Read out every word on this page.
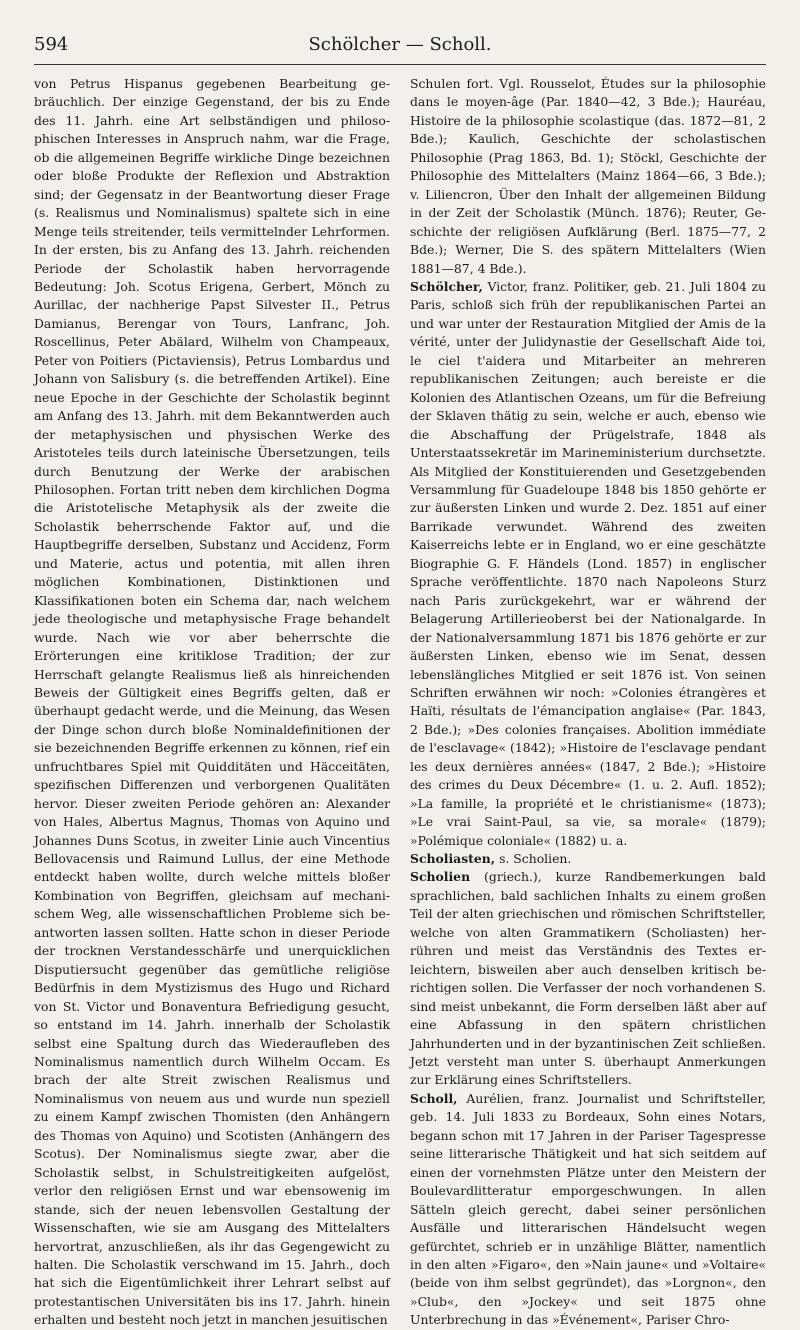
594	Schölcher — Scholl.

von Petrus Hispanus gegebenen Bearbeitung gebräuchlich. Der einzige Gegenstand, der bis zu Ende des 11. Jahrh. eine Art selbständigen und philosophischen Interesses in Anspruch nahm, war die Frage, ob die allgemeinen Begriffe wirkliche Dinge bezeichnen oder bloße Produkte der Reflexion und Abstraktion sind; der Gegensatz in der Beantwortung dieser Frage (s. Realismus und Nominalismus) spaltete sich in eine Menge teils streitender, teils vermittelnder Lehrformen. In der ersten, bis zu Anfang des 13. Jahrh. reichenden Periode der Scholastik haben hervorragende Bedeutung: Joh. Scotus Erigena, Gerbert, Mönch zu Aurillac, der nachherige Papst Silvester II., Petrus Damianus, Berengar von Tours, Lanfranc, Joh. Roscellinus, Peter Abälard, Wilhelm von Champeaux, Peter von Poitiers (Pictaviensis), Petrus Lombardus und Johann von Salisbury (s. die betreffenden Artikel). Eine neue Epoche in der Geschichte der Scholastik beginnt am Anfang des 13. Jahrh. mit dem Bekanntwerden auch der metaphysischen und physischen Werke des Aristoteles teils durch lateinische Übersetzungen, teils durch Benutzung der Werke der arabischen Philosophen. Fortan tritt neben dem kirchlichen Dogma die Aristotelische Metaphysik als der zweite die Scholastik beherrschende Faktor auf, und die Hauptbegriffe derselben, Substanz und Accidenz, Form und Materie, actus und potentia, mit allen ihren möglichen Kombinationen, Distinktionen und Klassifikationen boten ein Schema dar, nach welchem jede theologische und metaphysische Frage behandelt wurde. Nach wie vor aber beherrschte die Erörterungen eine kritiklose Tradition; der zur Herrschaft gelangte Realismus ließ als hinreichenden Beweis der Gültigkeit eines Begriffs gelten, daß er überhaupt gedacht werde, und die Meinung, das Wesen der Dinge schon durch bloße Nominaldefinitionen der sie bezeichnenden Begriffe erkennen zu können, rief ein unfruchtbares Spiel mit Quidditäten und Häcceitäten, spezifischen Differenzen und verborgenen Qualitäten hervor. Dieser zweiten Periode gehören an: Alexander von Hales, Albertus Magnus, Thomas von Aquino und Johannes Duns Scotus, in zweiter Linie auch Vincentius Bellovacensis und Raimund Lullus, der eine Methode entdeckt haben wollte, durch welche mittels bloßer Kombination von Begriffen, gleichsam auf mechanischem Weg, alle wissenschaftlichen Probleme sich beantworten lassen sollten. Hatte schon in dieser Periode der trocknen Verstandesschärfe und unerquicklichen Disputiersucht gegenüber das gemütliche religiöse Bedürfnis in dem Mystizismus des Hugo und Richard von St. Victor und Bonaventura Befriedigung gesucht, so entstand im 14. Jahrh. innerhalb der Scholastik selbst eine Spaltung durch das Wiederaufleben des Nominalismus namentlich durch Wilhelm Occam. Es brach der alte Streit zwischen Realismus und Nominalismus von neuem aus und wurde nun speziell zu einem Kampf zwischen Thomisten (den Anhängern des Thomas von Aquino) und Scotisten (Anhängern des Scotus). Der Nominalismus siegte zwar, aber die Scholastik selbst, in Schulstreitigkeiten aufgelöst, verlor den religiösen Ernst und war ebensowenig im stande, sich der neuen lebensvollen Gestaltung der Wissenschaften, wie sie am Ausgang des Mittelalters hervortrat, anzuschließen, als ihr das Gegengewicht zu halten. Die Scholastik verschwand im 15. Jahrh., doch hat sich die Eigentümlichkeit ihrer Lehrart selbst auf protestantischen Universitäten bis ins 17. Jahrh. hinein erhalten und besteht noch jetzt in manchen jesuitischen

Schulen fort. Vgl. Rousselot, Études sur la philosophie dans le moyen-âge (Par. 1840—42, 3 Bde.); Hauréau, Histoire de la philosophie scolastique (das. 1872—81, 2 Bde.); Kaulich, Geschichte der scholastischen Philosophie (Prag 1863, Bd. 1); Stöckl, Geschichte der Philosophie des Mittelalters (Mainz 1864—66, 3 Bde.); v. Liliencron, Über den Inhalt der allgemeinen Bildung in der Zeit der Scholastik (Münch. 1876); Reuter, Geschichte der religiösen Aufklärung (Berl. 1875—77, 2 Bde.); Werner, Die S. des spätern Mittelalters (Wien 1881—87, 4 Bde.).

Schölcher, Victor, franz. Politiker, geb. 21. Juli 1804 zu Paris, schloß sich früh der republikanischen Partei an und war unter der Restauration Mitglied der Amis de la vérité, unter der Julidynastie der Gesellschaft Aide toi, le ciel t'aidera und Mitarbeiter an mehreren republikanischen Zeitungen; auch bereiste er die Kolonien des Atlantischen Ozeans, um für die Befreiung der Sklaven thätig zu sein, welche er auch, ebenso wie die Abschaffung der Prügelstrafe, 1848 als Unterstaatssekretär im Marineministerium durchsetzte. Als Mitglied der Konstituierenden und Gesetzgebenden Versammlung für Guadeloupe 1848 bis 1850 gehörte er zur äußersten Linken und wurde 2. Dez. 1851 auf einer Barrikade verwundet. Während des zweiten Kaiserreichs lebte er in England, wo er eine geschätzte Biographie G. F. Händels (Lond. 1857) in englischer Sprache veröffentlichte. 1870 nach Napoleons Sturz nach Paris zurückgekehrt, war er während der Belagerung Artillerieoberst bei der Nationalgarde. In der Nationalversammlung 1871 bis 1876 gehörte er zur äußersten Linken, ebenso wie im Senat, dessen lebenslängliches Mitglied er seit 1876 ist. Von seinen Schriften erwähnen wir noch: »Colonies étrangères et Haïti, résultats de l'émancipation anglaise« (Par. 1843, 2 Bde.); »Des colonies françaises. Abolition immédiate de l'esclavage« (1842); »Histoire de l'esclavage pendant les deux dernières années« (1847, 2 Bde.); »Histoire des crimes du Deux Décembre« (1. u. 2. Aufl. 1852); »La famille, la propriété et le christianisme« (1873); »Le vrai Saint-Paul, sa vie, sa morale« (1879); »Polémique coloniale« (1882) u. a.

Scholiasten, s. Scholien.

Scholien (griech.), kurze Randbemerkungen bald sprachlichen, bald sachlichen Inhalts zu einem großen Teil der alten griechischen und römischen Schriftsteller, welche von alten Grammatikern (Scholiasten) herrühren und meist das Verständnis des Textes erleichtern, bisweilen aber auch denselben kritisch berichtigen sollen. Die Verfasser der noch vorhandenen S. sind meist unbekannt, die Form derselben läßt aber auf eine Abfassung in den spätern christlichen Jahrhunderten und in der byzantinischen Zeit schließen. Jetzt versteht man unter S. überhaupt Anmerkungen zur Erklärung eines Schriftstellers.

Scholl, Aurélien, franz. Journalist und Schriftsteller, geb. 14. Juli 1833 zu Bordeaux, Sohn eines Notars, begann schon mit 17 Jahren in der Pariser Tagespresse seine litterarische Thätigkeit und hat sich seitdem auf einen der vornehmsten Plätze unter den Meistern der Boulevardlitteratur emporgeschwungen. In allen Sätteln gleich gerecht, dabei seiner persönlichen Ausfälle und litterarischen Händelsucht wegen gefürchtet, schrieb er in unzählige Blätter, namentlich in den alten »Figaro«, den »Nain jaune« und »Voltaire« (beide von ihm selbst gegründet), das »Lorgnon«, den »Club«, den »Jockey« und seit 1875 ohne Unterbrechung in das »Événement«, Pariser Chro-
